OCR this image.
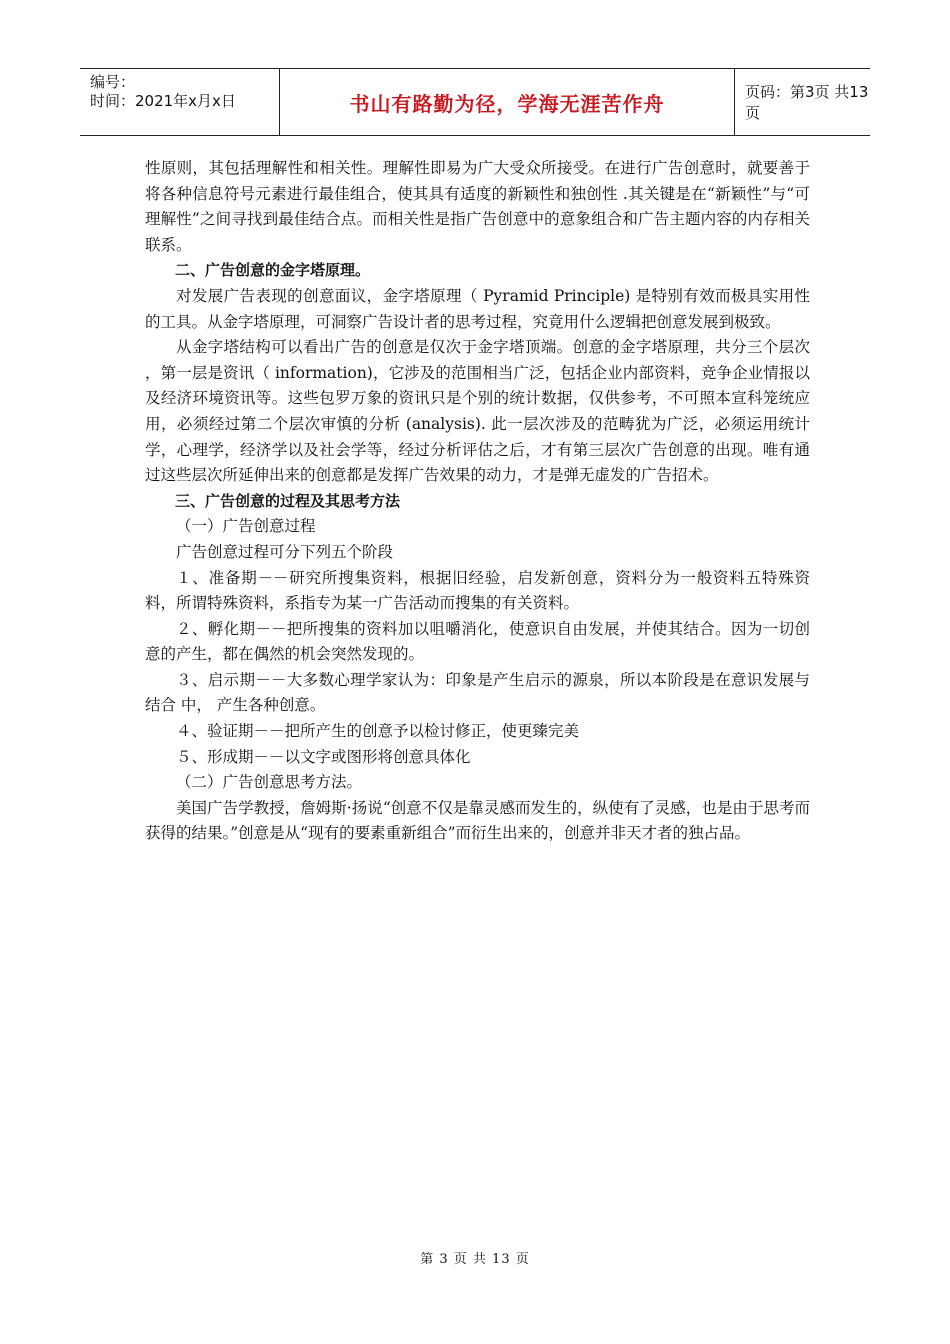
编号：
时间：2021年x月x日	书山有路勤为径，学海无涯苦作舟	页码：第3页 共13页

性原则，其包括理解性和相关性。理解性即易为广大受众所接受。在进行广告创意时，就要善于将各种信息符号元素进行最佳组合，使其具有适度的新颖性和独创性 .其关键是在“新颖性”与“可理解性”之间寻找到最佳结合点。而相关性是指广告创意中的意象组合和广告主题内容的内存相关联系。

二、广告创意的金字塔原理。

对发展广告表现的创意面议，金字塔原理（ Pyramid Principle) 是特别有效而极具实用性的工具。从金字塔原理，可洞察广告设计者的思考过程，究竟用什么逻辑把创意发展到极致。

从金字塔结构可以看出广告的创意是仅次于金字塔顶端。创意的金字塔原理，共分三个层次 ，第一层是资讯（ information)，它涉及的范围相当广泛，包括企业内部资料，竞争企业情报以及经济环境资讯等。这些包罗万象的资讯只是个别的统计数据，仅供参考，不可照本宣科笼统应用，必须经过第二个层次审慎的分析 (analysis). 此一层次涉及的范畴犹为广泛，必须运用统计学，心理学，经济学以及社会学等，经过分析评估之后，才有第三层次广告创意的出现。唯有通过这些层次所延伸出来的创意都是发挥广告效果的动力，才是弹无虚发的广告招术。

三、广告创意的过程及其思考方法

（一）广告创意过程

广告创意过程可分下列五个阶段

１、准备期－－研究所搜集资料，根据旧经验，启发新创意，资料分为一般资料五特殊资料，所谓特殊资料，系指专为某一广告活动而搜集的有关资料。

２、孵化期－－把所搜集的资料加以咀嚼消化，使意识自由发展，并使其结合。因为一切创意的产生，都在偶然的机会突然发现的。

３、启示期－－大多数心理学家认为：印象是产生启示的源泉，所以本阶段是在意识发展与结合 中， 产生各种创意。

４、验证期－－把所产生的创意予以检讨修正，使更臻完美

５、形成期－－以文字或图形将创意具体化

（二）广告创意思考方法。

美国广告学教授，詹姆斯·扬说“创意不仅是靠灵感而发生的，纵使有了灵感，也是由于思考而获得的结果。”创意是从“现有的要素重新组合”而衍生出来的，创意并非天才者的独占品。

第 3 页 共 13 页
